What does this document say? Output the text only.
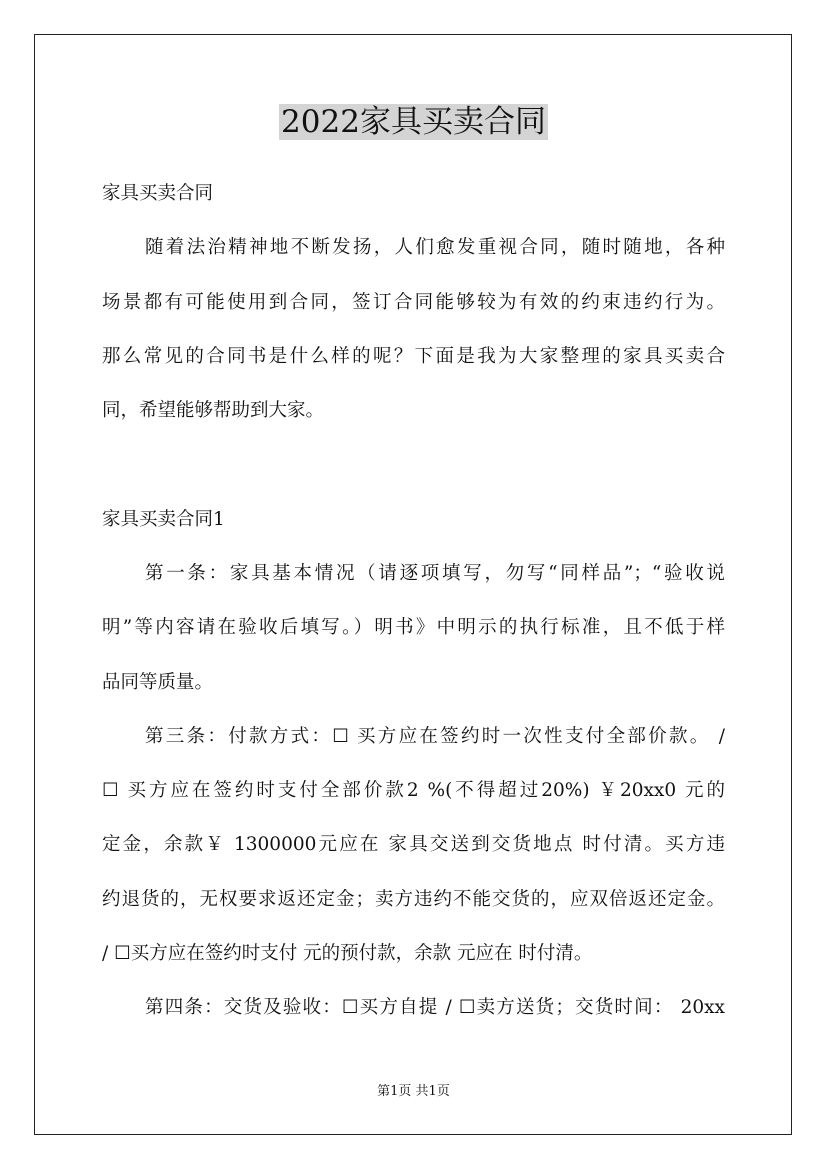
2022家具买卖合同
家具买卖合同
随着法治精神地不断发扬，人们愈发重视合同，随时随地，各种
场景都有可能使用到合同，签订合同能够较为有效的约束违约行为。
那么常见的合同书是什么样的呢？下面是我为大家整理的家具买卖合
同，希望能够帮助到大家。
家具买卖合同1
第一条：家具基本情况（请逐项填写，勿写“同样品”；“验收说
明”等内容请在验收后填写。）明书》中明示的执行标准，且不低于样
品同等质量。
第三条：付款方式：☐ 买方应在签约时一次性支付全部价款。 /
☐ 买方应在签约时支付全部价款2 %(不得超过20%) ￥20xx0 元的
定金，余款￥ 1300000元应在 家具交送到交货地点 时付清。买方违
约退货的，无权要求返还定金；卖方违约不能交货的，应双倍返还定金。
/ ☐买方应在签约时支付 元的预付款，余款 元应在 时付清。
第四条：交货及验收：☐买方自提 / ☐卖方送货；交货时间： 20xx
第1页 共1页
